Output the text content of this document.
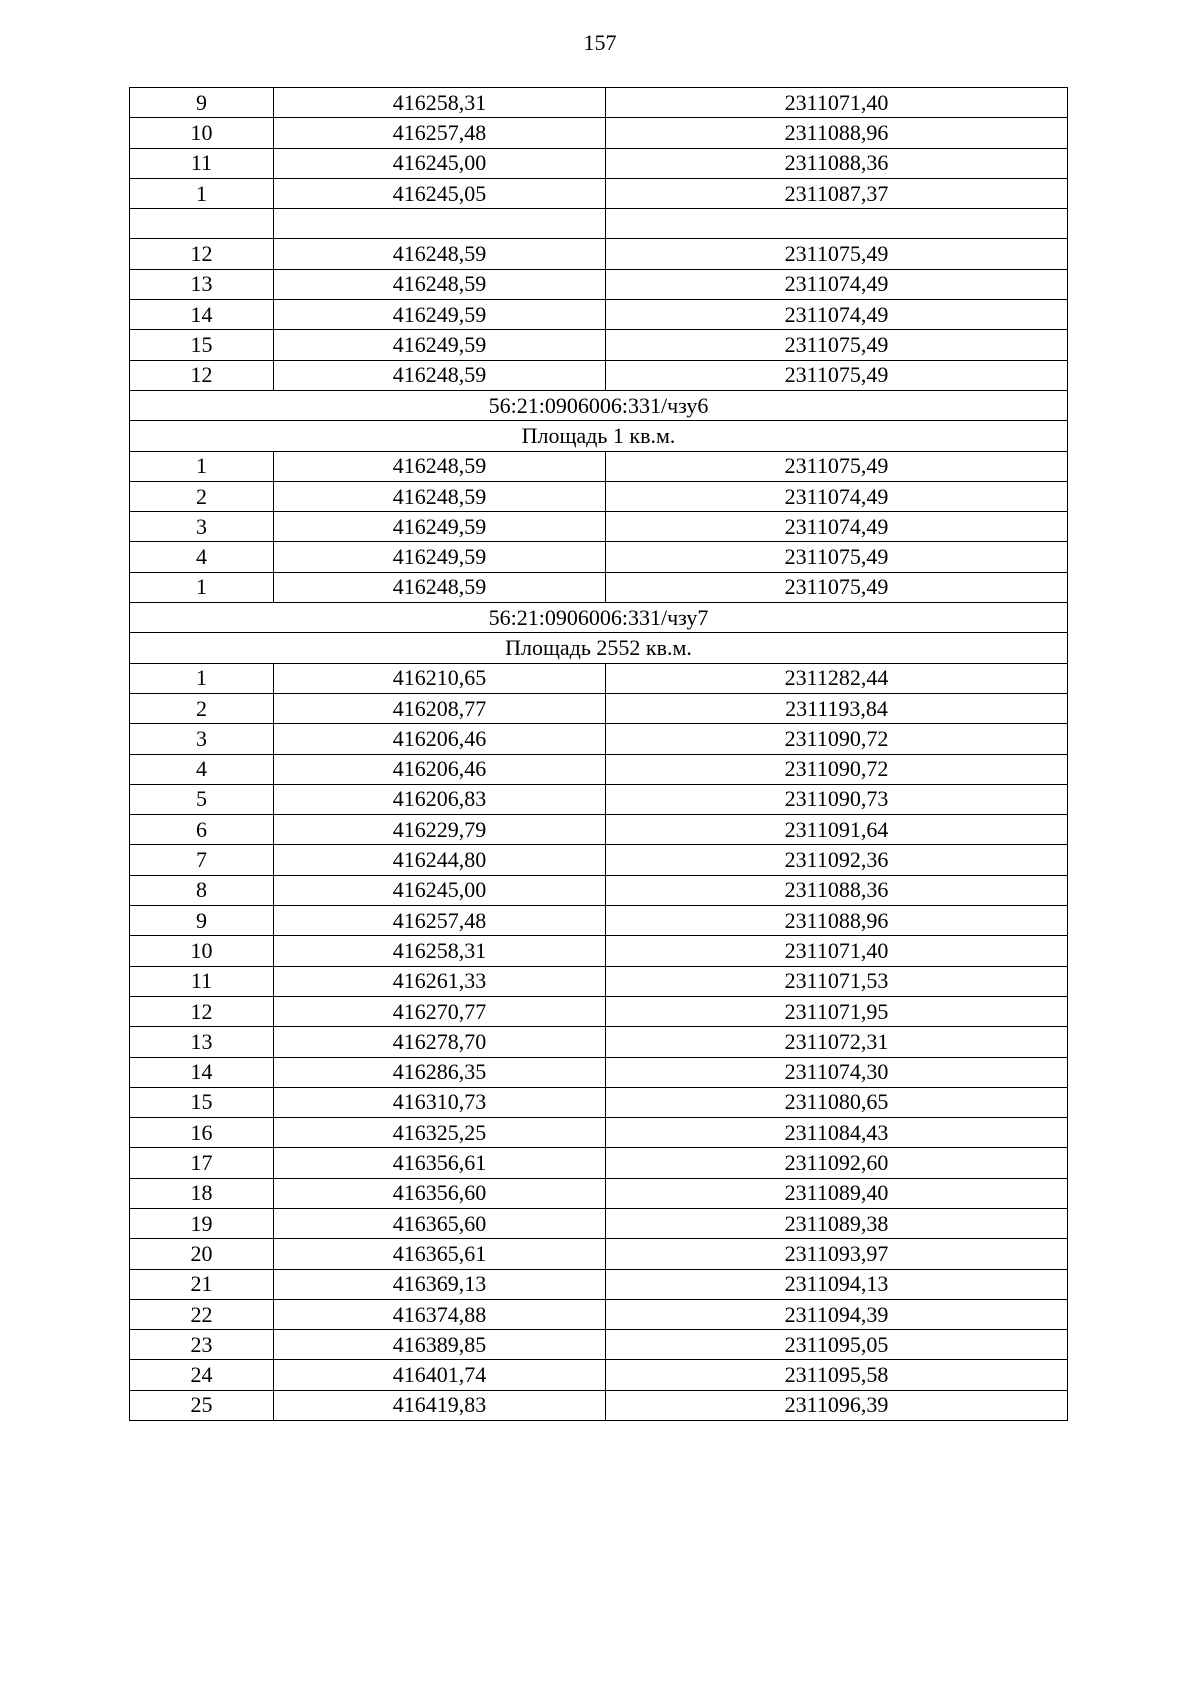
157
9	416258,31	2311071,40
10	416257,48	2311088,96
11	416245,00	2311088,36
1	416245,05	2311087,37

12	416248,59	2311075,49
13	416248,59	2311074,49
14	416249,59	2311074,49
15	416249,59	2311075,49
12	416248,59	2311075,49
56:21:0906006:331/чзу6		
Площадь 1 кв.м.		
1	416248,59	2311075,49
2	416248,59	2311074,49
3	416249,59	2311074,49
4	416249,59	2311075,49
1	416248,59	2311075,49
56:21:0906006:331/чзу7		
Площадь 2552 кв.м.		
1	416210,65	2311282,44
2	416208,77	2311193,84
3	416206,46	2311090,72
4	416206,46	2311090,72
5	416206,83	2311090,73
6	416229,79	2311091,64
7	416244,80	2311092,36
8	416245,00	2311088,36
9	416257,48	2311088,96
10	416258,31	2311071,40
11	416261,33	2311071,53
12	416270,77	2311071,95
13	416278,70	2311072,31
14	416286,35	2311074,30
15	416310,73	2311080,65
16	416325,25	2311084,43
17	416356,61	2311092,60
18	416356,60	2311089,40
19	416365,60	2311089,38
20	416365,61	2311093,97
21	416369,13	2311094,13
22	416374,88	2311094,39
23	416389,85	2311095,05
24	416401,74	2311095,58
25	416419,83	2311096,39
